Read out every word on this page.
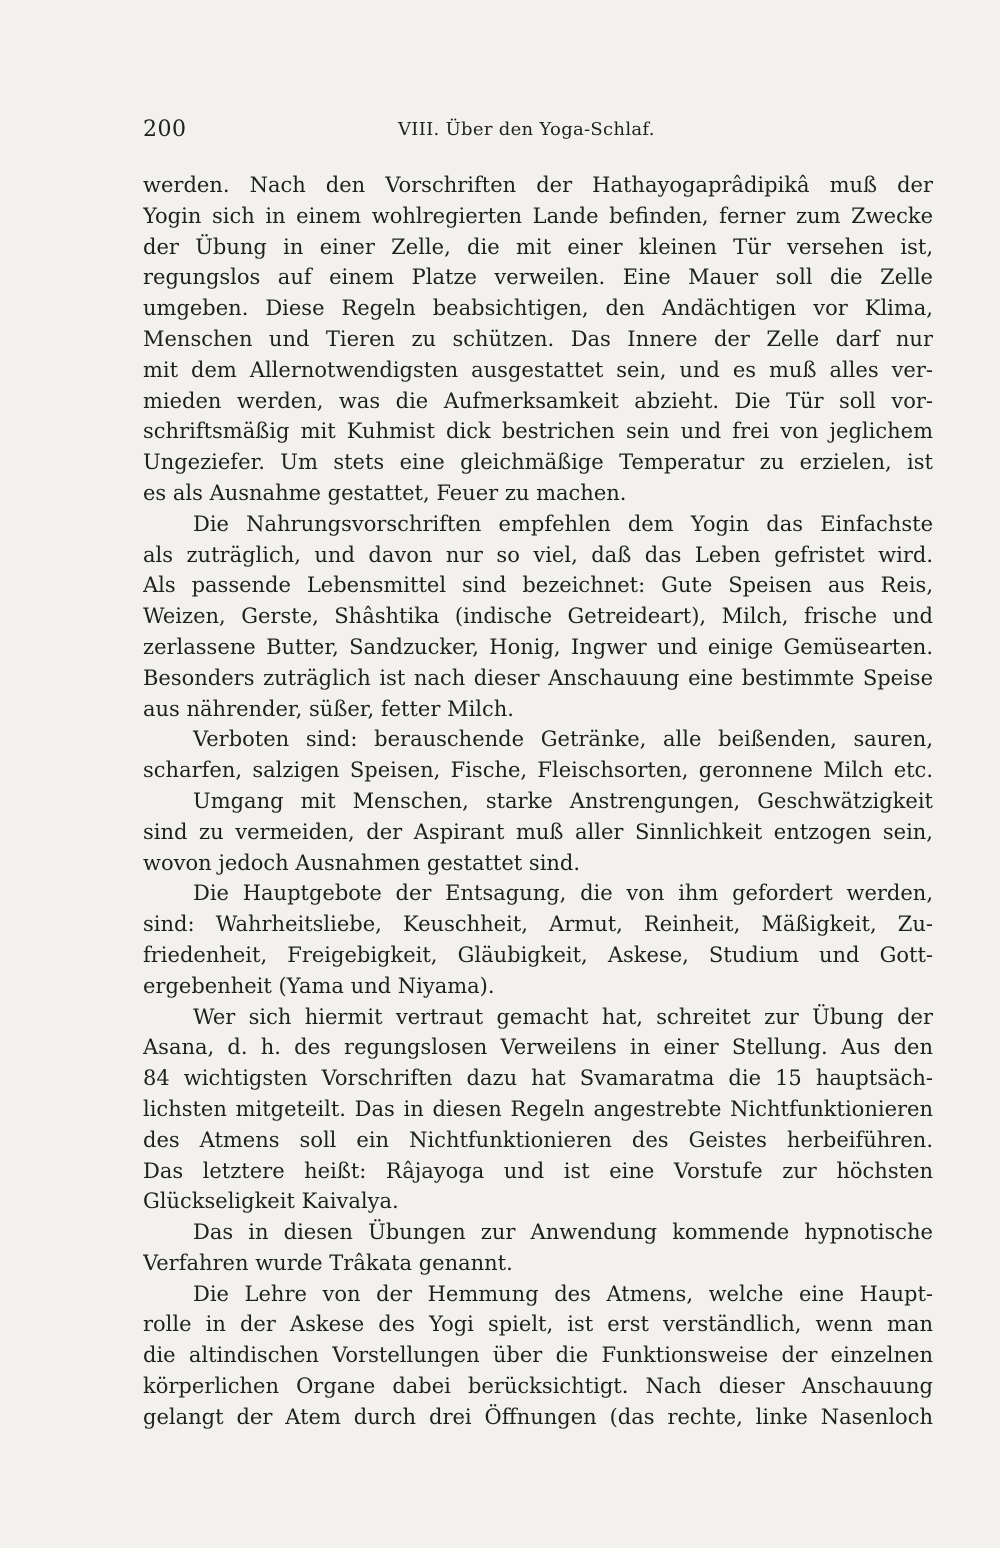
200	VIII. Über den Yoga-Schlaf.
werden. Nach den Vorschriften der Hathayogaprâdipikâ muß der
Yogin sich in einem wohlregierten Lande befinden, ferner zum Zwecke
der Übung in einer Zelle, die mit einer kleinen Tür versehen ist,
regungslos auf einem Platze verweilen. Eine Mauer soll die Zelle
umgeben. Diese Regeln beabsichtigen, den Andächtigen vor Klima,
Menschen und Tieren zu schützen. Das Innere der Zelle darf nur
mit dem Allernotwendigsten ausgestattet sein, und es muß alles ver-
mieden werden, was die Aufmerksamkeit abzieht. Die Tür soll vor-
schriftsmäßig mit Kuhmist dick bestrichen sein und frei von jeglichem
Ungeziefer. Um stets eine gleichmäßige Temperatur zu erzielen, ist
es als Ausnahme gestattet, Feuer zu machen.
Die Nahrungsvorschriften empfehlen dem Yogin das Einfachste
als zuträglich, und davon nur so viel, daß das Leben gefristet wird.
Als passende Lebensmittel sind bezeichnet: Gute Speisen aus Reis,
Weizen, Gerste, Shâshtika (indische Getreideart), Milch, frische und
zerlassene Butter, Sandzucker, Honig, Ingwer und einige Gemüsearten.
Besonders zuträglich ist nach dieser Anschauung eine bestimmte Speise
aus nährender, süßer, fetter Milch.
Verboten sind: berauschende Getränke, alle beißenden, sauren,
scharfen, salzigen Speisen, Fische, Fleischsorten, geronnene Milch etc.
Umgang mit Menschen, starke Anstrengungen, Geschwätzigkeit
sind zu vermeiden, der Aspirant muß aller Sinnlichkeit entzogen sein,
wovon jedoch Ausnahmen gestattet sind.
Die Hauptgebote der Entsagung, die von ihm gefordert werden,
sind: Wahrheitsliebe, Keuschheit, Armut, Reinheit, Mäßigkeit, Zu-
friedenheit, Freigebigkeit, Gläubigkeit, Askese, Studium und Gott-
ergebenheit (Yama und Niyama).
Wer sich hiermit vertraut gemacht hat, schreitet zur Übung der
Asana, d. h. des regungslosen Verweilens in einer Stellung. Aus den
84 wichtigsten Vorschriften dazu hat Svamaratma die 15 hauptsäch-
lichsten mitgeteilt. Das in diesen Regeln angestrebte Nichtfunktionieren
des Atmens soll ein Nichtfunktionieren des Geistes herbeiführen.
Das letztere heißt: Râjayoga und ist eine Vorstufe zur höchsten
Glückseligkeit Kaivalya.
Das in diesen Übungen zur Anwendung kommende hypnotische
Verfahren wurde Trâkata genannt.
Die Lehre von der Hemmung des Atmens, welche eine Haupt-
rolle in der Askese des Yogi spielt, ist erst verständlich, wenn man
die altindischen Vorstellungen über die Funktionsweise der einzelnen
körperlichen Organe dabei berücksichtigt. Nach dieser Anschauung
gelangt der Atem durch drei Öffnungen (das rechte, linke Nasenloch
